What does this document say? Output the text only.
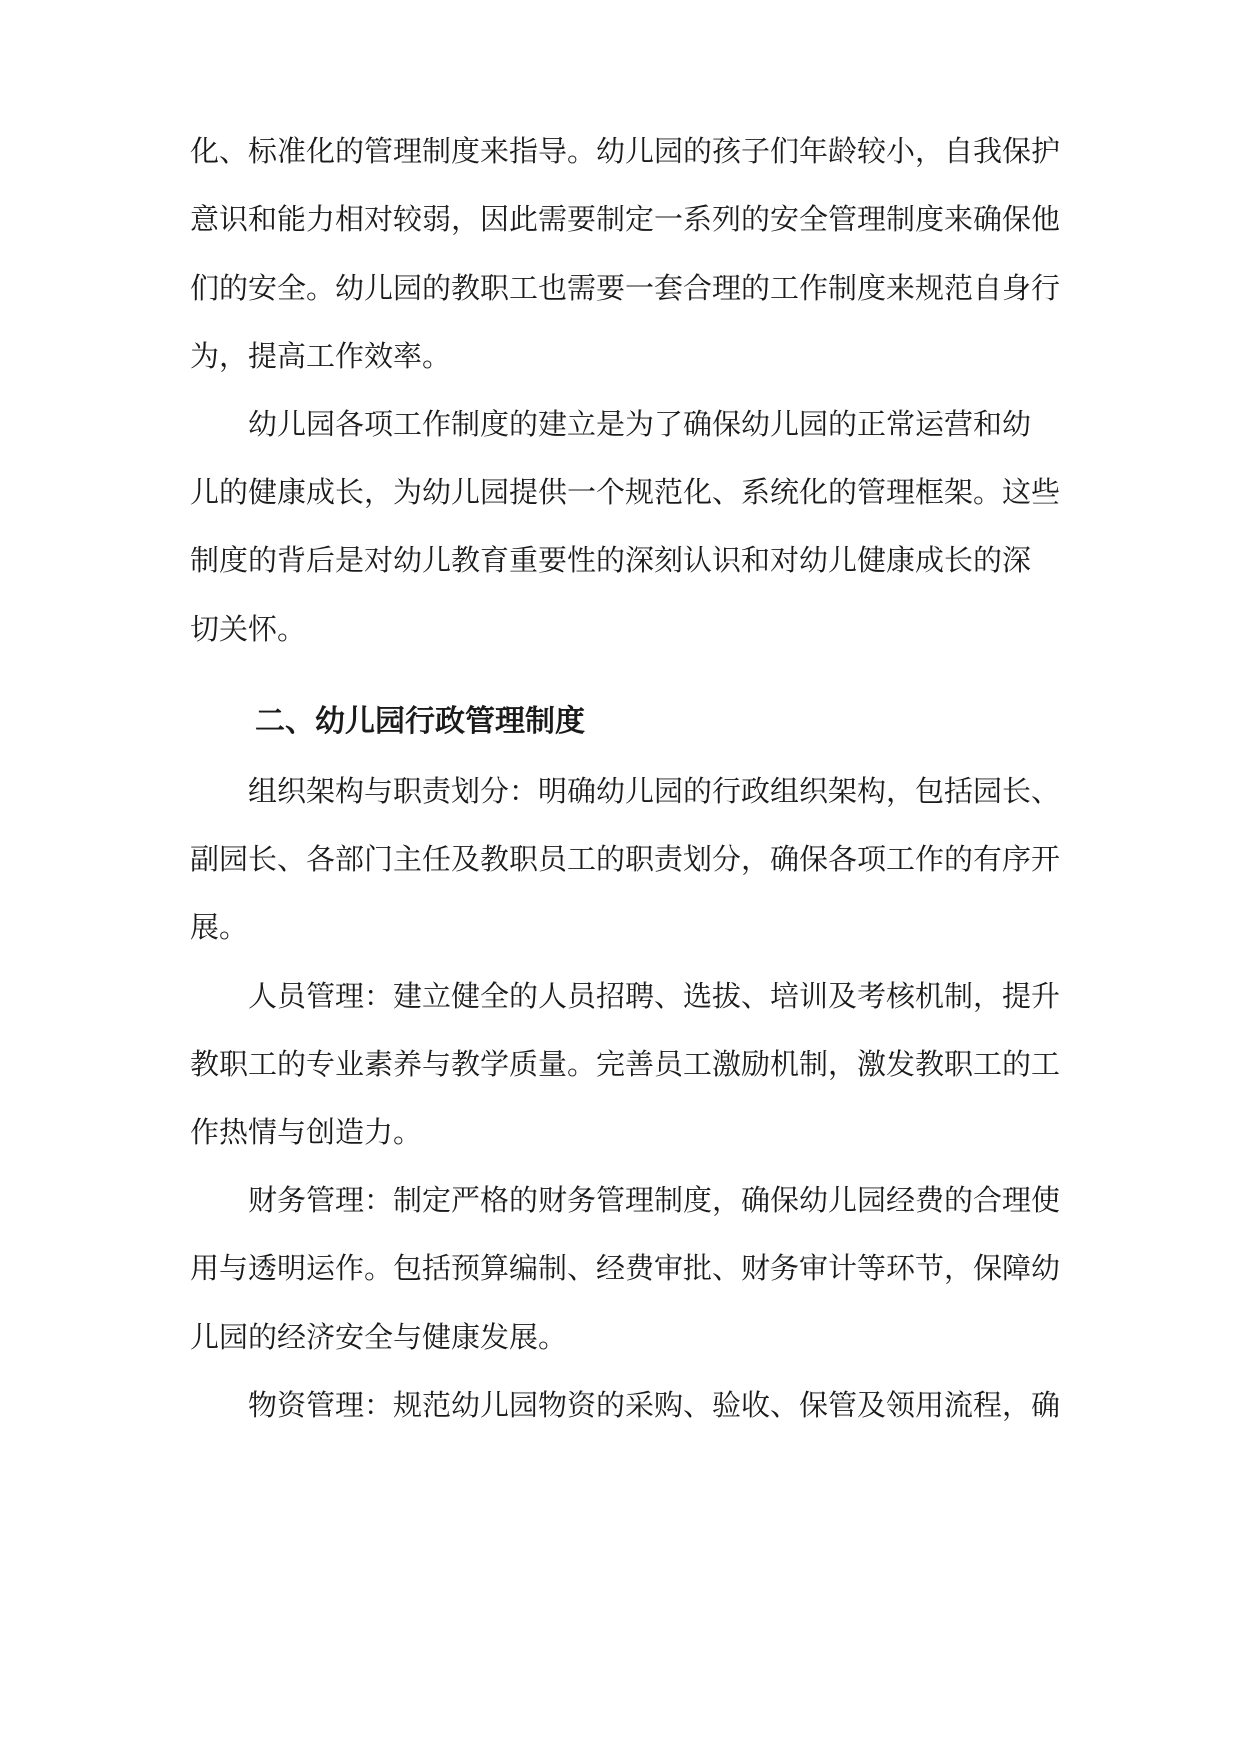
化、标准化的管理制度来指导。幼儿园的孩子们年龄较小，自我保护
意识和能力相对较弱，因此需要制定一系列的安全管理制度来确保他
们的安全。幼儿园的教职工也需要一套合理的工作制度来规范自身行
为，提高工作效率。
幼儿园各项工作制度的建立是为了确保幼儿园的正常运营和幼
儿的健康成长，为幼儿园提供一个规范化、系统化的管理框架。这些
制度的背后是对幼儿教育重要性的深刻认识和对幼儿健康成长的深
切关怀。
二、幼儿园行政管理制度
组织架构与职责划分：明确幼儿园的行政组织架构，包括园长、
副园长、各部门主任及教职员工的职责划分，确保各项工作的有序开
展。
人员管理：建立健全的人员招聘、选拔、培训及考核机制，提升
教职工的专业素养与教学质量。完善员工激励机制，激发教职工的工
作热情与创造力。
财务管理：制定严格的财务管理制度，确保幼儿园经费的合理使
用与透明运作。包括预算编制、经费审批、财务审计等环节，保障幼
儿园的经济安全与健康发展。
物资管理：规范幼儿园物资的采购、验收、保管及领用流程，确
